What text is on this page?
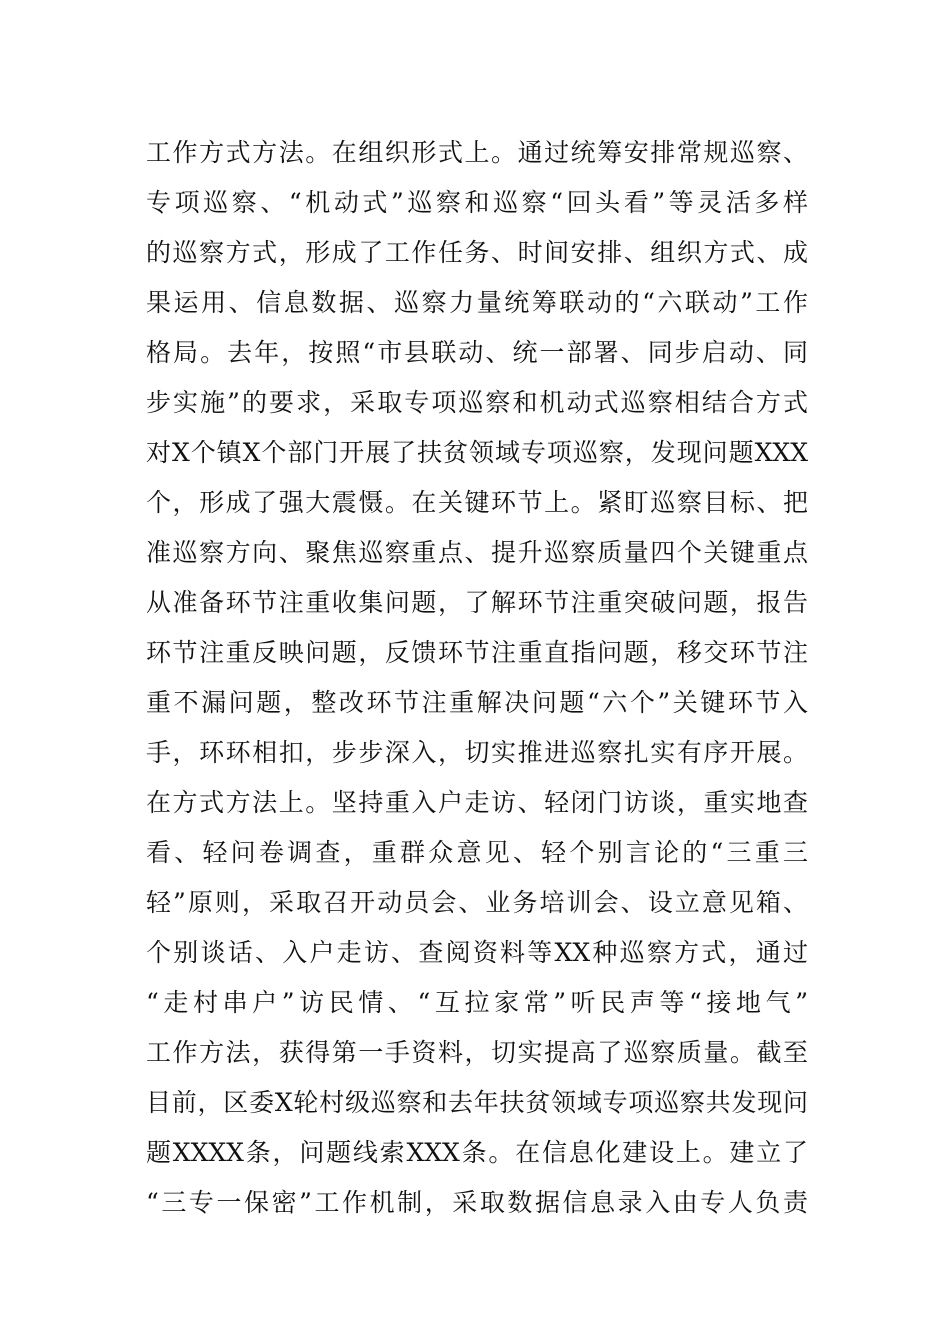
工作方式方法。在组织形式上。通过统筹安排常规巡察、
专项巡察、“机动式”巡察和巡察“回头看”等灵活多样
的巡察方式，形成了工作任务、时间安排、组织方式、成
果运用、信息数据、巡察力量统筹联动的“六联动”工作
格局。去年，按照“市县联动、统一部署、同步启动、同
步实施”的要求，采取专项巡察和机动式巡察相结合方式
对X个镇X个部门开展了扶贫领域专项巡察，发现问题XXX
个，形成了强大震慑。在关键环节上。紧盯巡察目标、把
准巡察方向、聚焦巡察重点、提升巡察质量四个关键重点
从准备环节注重收集问题，了解环节注重突破问题，报告
环节注重反映问题，反馈环节注重直指问题，移交环节注
重不漏问题，整改环节注重解决问题“六个”关键环节入
手，环环相扣，步步深入，切实推进巡察扎实有序开展。
在方式方法上。坚持重入户走访、轻闭门访谈，重实地查
看、轻问卷调查，重群众意见、轻个别言论的“三重三
轻”原则，采取召开动员会、业务培训会、设立意见箱、
个别谈话、入户走访、查阅资料等XX种巡察方式，通过
“走村串户”访民情、“互拉家常”听民声等“接地气”
工作方法，获得第一手资料，切实提高了巡察质量。截至
目前，区委X轮村级巡察和去年扶贫领域专项巡察共发现问
题XXXX条，问题线索XXX条。在信息化建设上。建立了
“三专一保密”工作机制，采取数据信息录入由专人负责
